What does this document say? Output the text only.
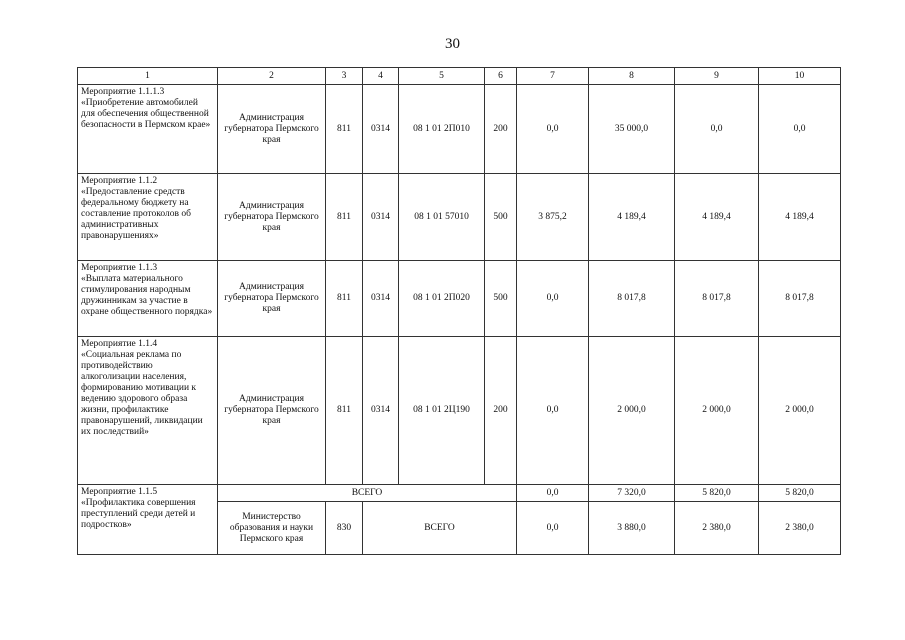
30
1	2	3	4	5	6	7	8	9	10

Мероприятие 1.1.1.3
«Приобретение автомобилей для обеспечения общественной безопасности в Пермском крае»	Администрация губернатора Пермского края	811	0314	08 1 01 2П010	200	0,0	35 000,0	0,0	0,0

Мероприятие 1.1.2
«Предоставление средств федеральному бюджету на составление протоколов об административных правонарушениях»	Администрация губернатора Пермского края	811	0314	08 1 01 57010	500	3 875,2	4 189,4	4 189,4	4 189,4

Мероприятие 1.1.3
«Выплата материального стимулирования народным дружинникам за участие в охране общественного порядка»	Администрация губернатора Пермского края	811	0314	08 1 01 2П020	500	0,0	8 017,8	8 017,8	8 017,8

Мероприятие 1.1.4
«Социальная реклама по противодействию алкоголизации населения, формированию мотивации к ведению здорового образа жизни, профилактике правонарушений, ликвидации их последствий»	Администрация губернатора Пермского края	811	0314	08 1 01 2Ц190	200	0,0	2 000,0	2 000,0	2 000,0

Мероприятие 1.1.5
«Профилактика совершения преступлений среди детей и подростков»	ВСЕГО					0,0	7 320,0	5 820,0	5 820,0
	Министерство образования и науки Пермского края	830	ВСЕГО			0,0	3 880,0	2 380,0	2 380,0
